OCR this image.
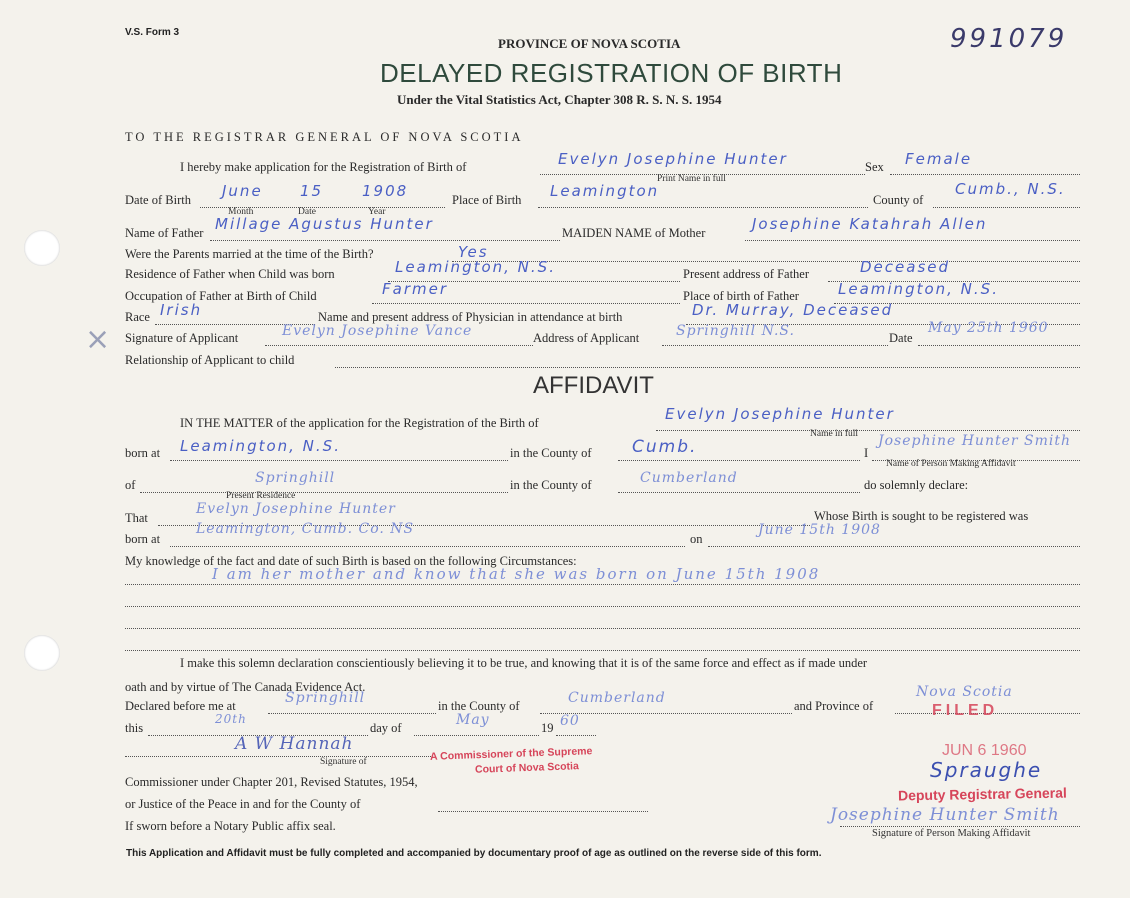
V.S. Form 3	991079
PROVINCE OF NOVA SCOTIA
DELAYED REGISTRATION OF BIRTH
Under the Vital Statistics Act, Chapter 308 R. S. N. S. 1954
TO THE REGISTRAR GENERAL OF NOVA SCOTIA
I hereby make application for the Registration of Birth of	Evelyn Josephine Hunter	Sex Female
Print Name in full
Date of Birth June 15	1908	Place of Birth Leamington	County of
Cumb., N.S.
Month	Date	Year
Name of Father Millage Agustus Hunter	MAIDEN NAME of Mother	Josephine Katahrah Allen
Were the Parents married at the time of the Birth?	Yes
Residence of Father when Child was born	Leamington, N.S.	Present address of Father	Deceased
Occupation of Father at Birth of Child	Farmer	Place of birth of Father	Leamington, N.S.
Race Irish	Name and present address of Physician in attendance at birth	Dr. Murray, Deceased
× Signature of Applicant	Evelyn Josephine Vance	Address of Applicant	Springhill N.S.	Date
May 25th 1960
Relationship of Applicant to child
AFFIDAVIT
IN THE MATTER of the application for the Registration of the Birth of	Evelyn Josephine Hunter
Name in full
born at Leamington, N.S.	in the County of Cumb.	I
Josephine Hunter Smith
Name of Person Making Affidavit
of	Springhill	in the County of	Cumberland	do solemnly declare:
Present Residence
That
Evelyn Josephine Hunter	Whose Birth is sought to be registered was
born at
Leamington, Cumb. Co. NS
on
June 15th 1908
My knowledge of the fact and date of such Birth is based on the following Circumstances:
I am her mother and know that she was born on June 15th 1908
I make this solemn declaration conscientiously believing it to be true, and knowing that it is of the same force and effect as if made under
oath and by virtue of The Canada Evidence Act.
Declared before me at	Springhill	in the County of	Cumberland	and Province of
Nova Scotia
this
20th
day of	May	19 60
A W Hannah
Signature of	A Commissioner of the Supreme
Court of Nova Scotia
Commissioner under Chapter 201, Revised Statutes, 1954,
or Justice of the Peace in and for the County of
If sworn before a Notary Public affix seal.
FILED
JUN 6 1960
Spraughe
Deputy Registrar General
Josephine Hunter Smith
Signature of Person Making Affidavit
This Application and Affidavit must be fully completed and accompanied by documentary proof of age as outlined on the reverse side of this form.
